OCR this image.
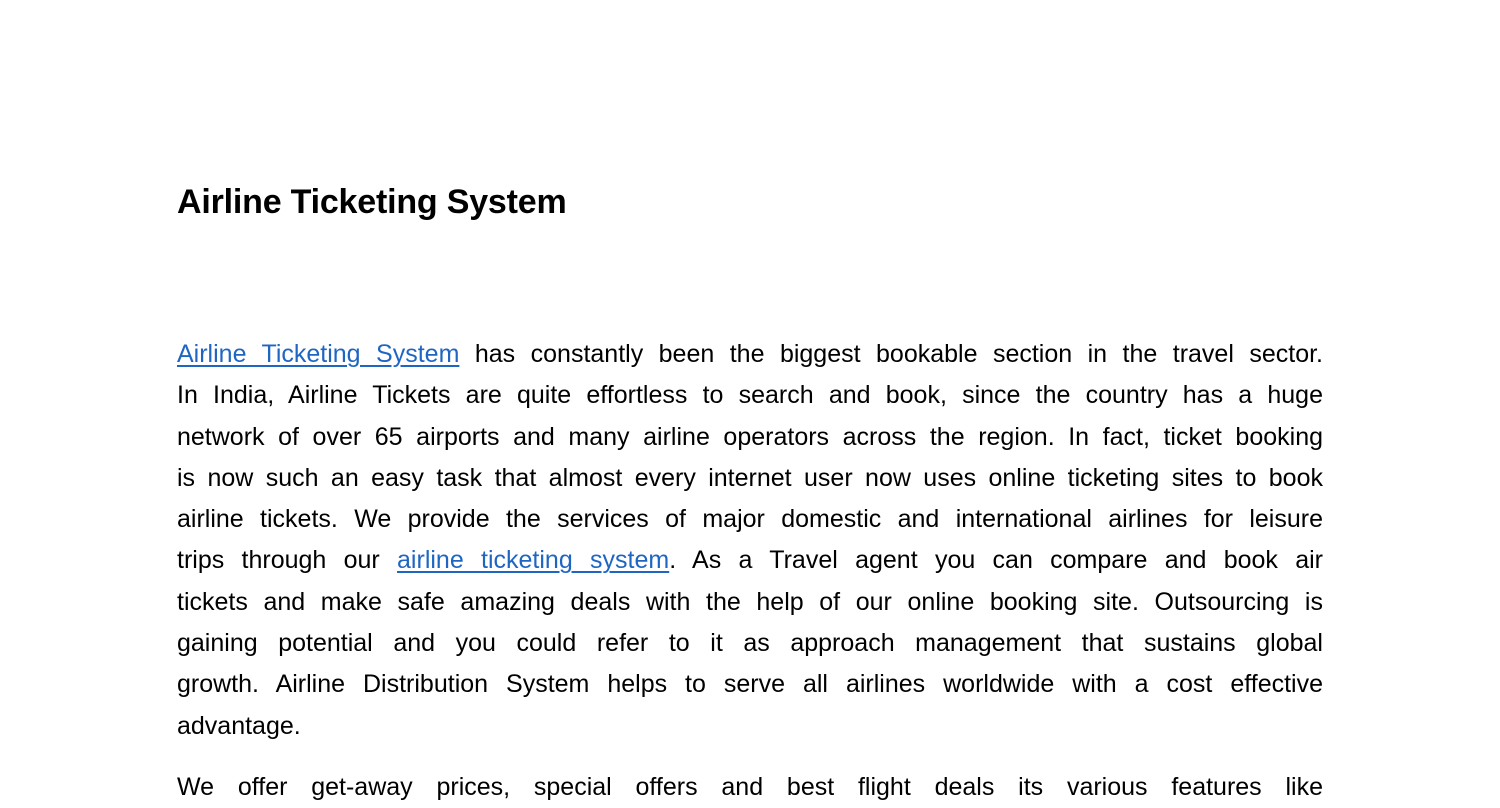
Airline Ticketing System

Airline Ticketing System has constantly been the biggest bookable section in the travel sector.
In India, Airline Tickets are quite effortless to search and book, since the country has a huge
network of over 65 airports and many airline operators across the region. In fact, ticket booking
is now such an easy task that almost every internet user now uses online ticketing sites to book
airline tickets. We provide the services of major domestic and international airlines for leisure
trips through our airline ticketing system. As a Travel agent you can compare and book air
tickets and make safe amazing deals with the help of our online booking site. Outsourcing is
gaining potential and you could refer to it as approach management that sustains global
growth. Airline Distribution System helps to serve all airlines worldwide with a cost effective
advantage.

We offer get-away prices, special offers and best flight deals its various features like
